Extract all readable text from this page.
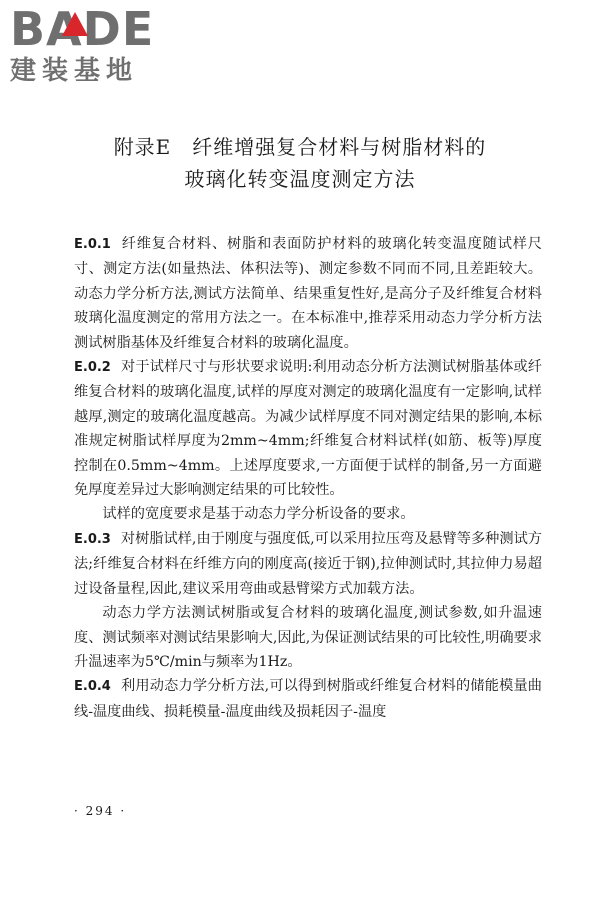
BADE
建装基地
附录E　纤维增强复合材料与树脂材料的
玻璃化转变温度测定方法

E.0.1 纤维复合材料、树脂和表面防护材料的玻璃化转变温度随试样尺寸、测定方法(如量热法、体积法等)、测定参数不同而不同,且差距较大。动态力学分析方法,测试方法简单、结果重复性好,是高分子及纤维复合材料玻璃化温度测定的常用方法之一。在本标准中,推荐采用动态力学分析方法测试树脂基体及纤维复合材料的玻璃化温度。

E.0.2 对于试样尺寸与形状要求说明:利用动态分析方法测试树脂基体或纤维复合材料的玻璃化温度,试样的厚度对测定的玻璃化温度有一定影响,试样越厚,测定的玻璃化温度越高。为减少试样厚度不同对测定结果的影响,本标准规定树脂试样厚度为2mm~4mm;纤维复合材料试样(如筋、板等)厚度控制在0.5mm~4mm。上述厚度要求,一方面便于试样的制备,另一方面避免厚度差异过大影响测定结果的可比较性。

试样的宽度要求是基于动态力学分析设备的要求。

E.0.3 对树脂试样,由于刚度与强度低,可以采用拉压弯及悬臂等多种测试方法;纤维复合材料在纤维方向的刚度高(接近于钢),拉伸测试时,其拉伸力易超过设备量程,因此,建议采用弯曲或悬臂梁方式加载方法。

动态力学方法测试树脂或复合材料的玻璃化温度,测试参数,如升温速度、测试频率对测试结果影响大,因此,为保证测试结果的可比较性,明确要求升温速率为5℃/min与频率为1Hz。

E.0.4 利用动态力学分析方法,可以得到树脂或纤维复合材料的储能模量曲线-温度曲线、损耗模量-温度曲线及损耗因子-温度

· 294 ·
